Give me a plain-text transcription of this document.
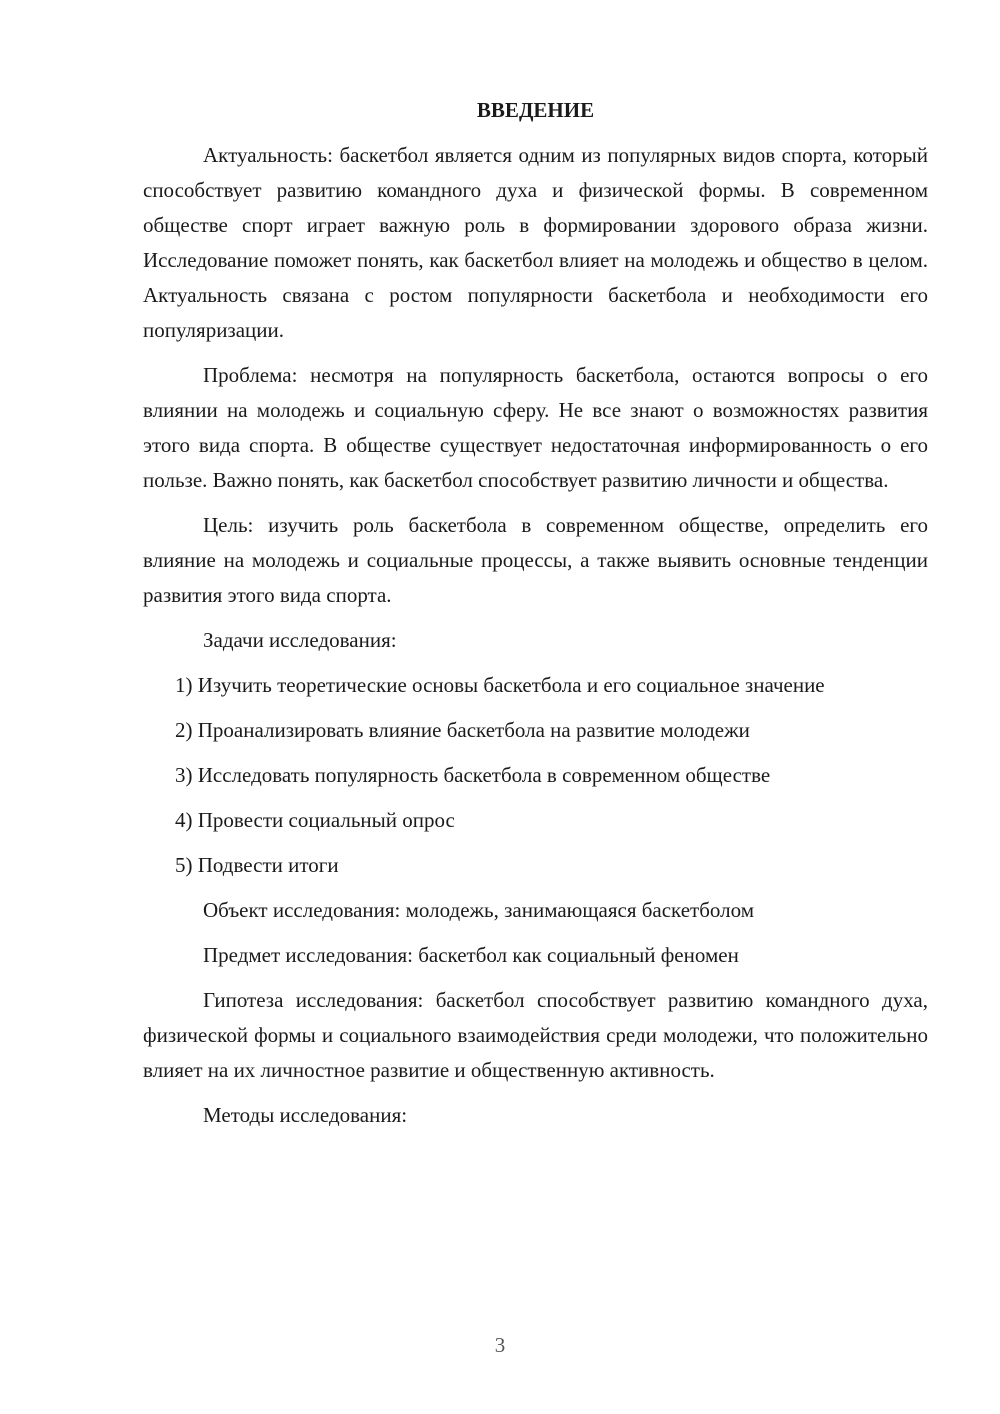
ВВЕДЕНИЕ

Актуальность: баскетбол является одним из популярных видов спорта, который способствует развитию командного духа и физической формы. В современном обществе спорт играет важную роль в формировании здорового образа жизни. Исследование поможет понять, как баскетбол влияет на молодежь и общество в целом. Актуальность связана с ростом популярности баскетбола и необходимости его популяризации.

Проблема: несмотря на популярность баскетбола, остаются вопросы о его влиянии на молодежь и социальную сферу. Не все знают о возможностях развития этого вида спорта. В обществе существует недостаточная информированность о его пользе. Важно понять, как баскетбол способствует развитию личности и общества.

Цель: изучить роль баскетбола в современном обществе, определить его влияние на молодежь и социальные процессы, а также выявить основные тенденции развития этого вида спорта.

Задачи исследования:

1) Изучить теоретические основы баскетбола и его социальное значение

2) Проанализировать влияние баскетбола на развитие молодежи

3) Исследовать популярность баскетбола в современном обществе

4) Провести социальный опрос

5) Подвести итоги

Объект исследования: молодежь, занимающаяся баскетболом

Предмет исследования: баскетбол как социальный феномен

Гипотеза исследования: баскетбол способствует развитию командного духа, физической формы и социального взаимодействия среди молодежи, что положительно влияет на их личностное развитие и общественную активность.

Методы исследования:

3
